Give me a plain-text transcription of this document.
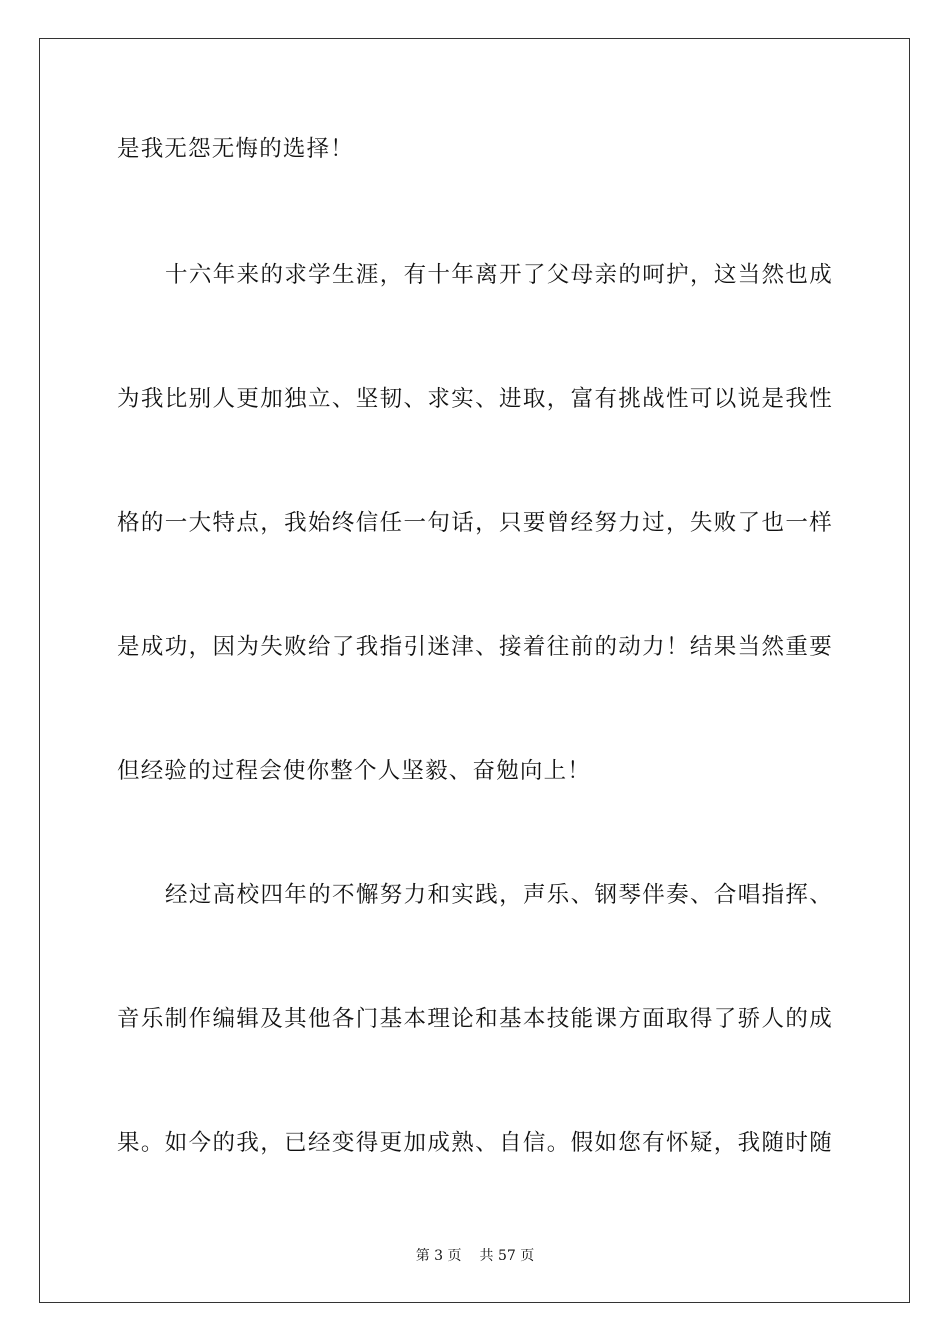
是我无怨无悔的选择！
十六年来的求学生涯，有十年离开了父母亲的呵护，这当然也成
为我比别人更加独立、坚韧、求实、进取，富有挑战性可以说是我性
格的一大特点，我始终信任一句话，只要曾经努力过，失败了也一样
是成功，因为失败给了我指引迷津、接着往前的动力！结果当然重要
但经验的过程会使你整个人坚毅、奋勉向上！
经过高校四年的不懈努力和实践，声乐、钢琴伴奏、合唱指挥、
音乐制作编辑及其他各门基本理论和基本技能课方面取得了骄人的成
果。如今的我，已经变得更加成熟、自信。假如您有怀疑，我随时随
第 3 页 共 57 页
